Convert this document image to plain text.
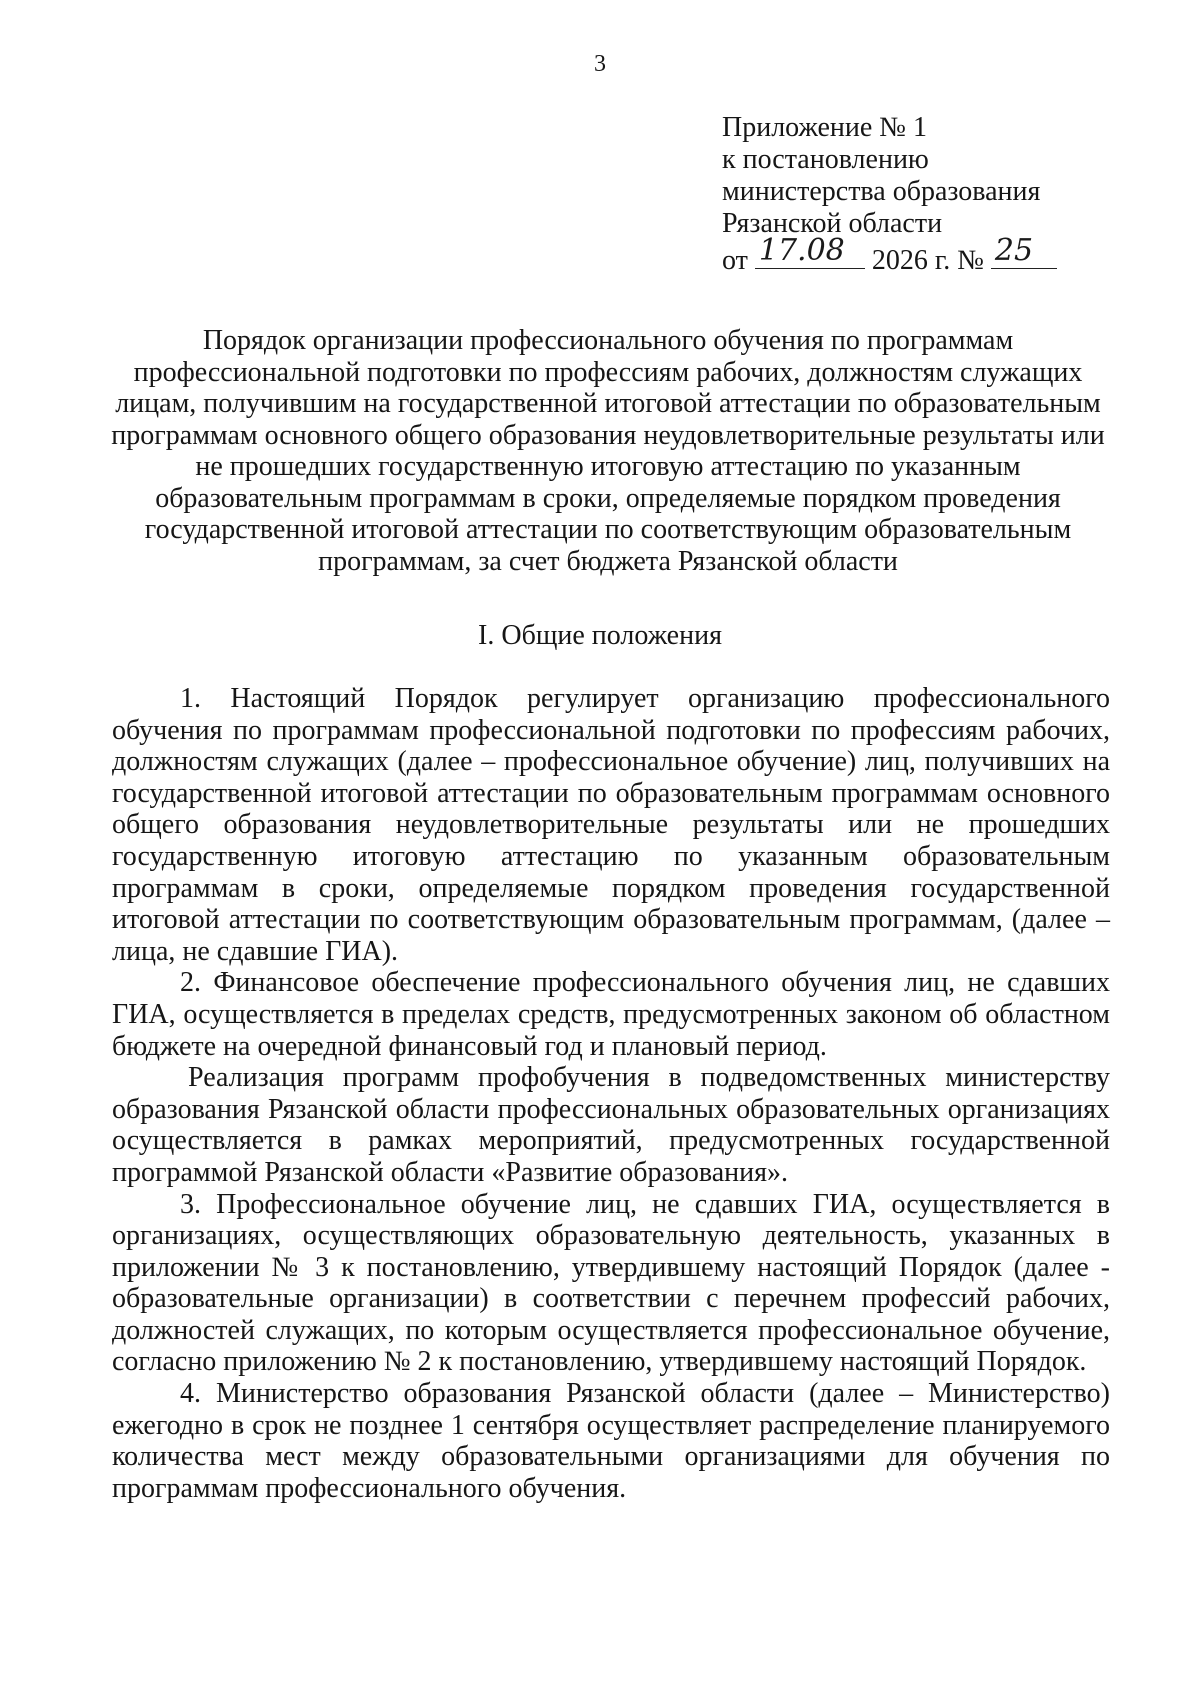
3
Приложение № 1
к постановлению
министерства образования
Рязанской области
от 17.08 2026 г. № 25
Порядок организации профессионального обучения по программам профессиональной подготовки по профессиям рабочих, должностям служащих лицам, получившим на государственной итоговой аттестации по образовательным программам основного общего образования неудовлетворительные результаты или не прошедших государственную итоговую аттестацию по указанным образовательным программам в сроки, определяемые порядком проведения государственной итоговой аттестации по соответствующим образовательным программам, за счет бюджета Рязанской области
I. Общие положения

1. Настоящий Порядок регулирует организацию профессионального обучения по программам профессиональной подготовки по профессиям рабочих, должностям служащих (далее – профессиональное обучение) лиц, получивших на государственной итоговой аттестации по образовательным программам основного общего образования неудовлетворительные результаты или не прошедших государственную итоговую аттестацию по указанным образовательным программам в сроки, определяемые порядком проведения государственной итоговой аттестации по соответствующим образовательным программам, (далее – лица, не сдавшие ГИА).

2. Финансовое обеспечение профессионального обучения лиц, не сдавших ГИА, осуществляется в пределах средств, предусмотренных законом об областном бюджете на очередной финансовый год и плановый период.

Реализация программ профобучения в подведомственных министерству образования Рязанской области профессиональных образовательных организациях осуществляется в рамках мероприятий, предусмотренных государственной программой Рязанской области «Развитие образования».

3. Профессиональное обучение лиц, не сдавших ГИА, осуществляется в организациях, осуществляющих образовательную деятельность, указанных в приложении № 3 к постановлению, утвердившему настоящий Порядок (далее - образовательные организации) в соответствии с перечнем профессий рабочих, должностей служащих, по которым осуществляется профессиональное обучение, согласно приложению № 2 к постановлению, утвердившему настоящий Порядок.

4. Министерство образования Рязанской области (далее – Министерство) ежегодно в срок не позднее 1 сентября осуществляет распределение планируемого количества мест между образовательными организациями для обучения по программам профессионального обучения.
